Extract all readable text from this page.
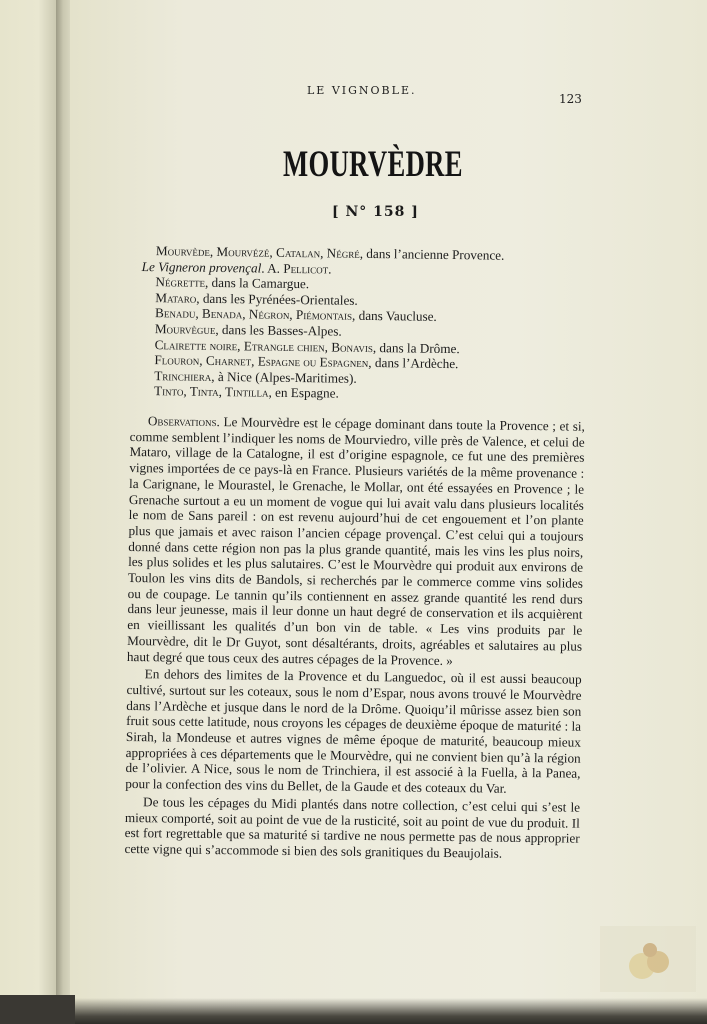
LE VIGNOBLE.
123
MOURVÈDRE
[ N° 158 ]
Mourvède, Mourvézé, Catalan, Négré, dans l’ancienne Provence.
Le Vigneron provençal. A. Pellicot.
Négrette, dans la Camargue.
Mataro, dans les Pyrénées-Orientales.
Benadu, Benada, Négron, Piémontais, dans Vaucluse.
Mourvègue, dans les Basses-Alpes.
Clairette noire, Etrangle chien, Bonavis, dans la Drôme.
Flouron, Charnet, Espagne ou Espagnen, dans l’Ardèche.
Trinchiera, à Nice (Alpes-Maritimes).
Tinto, Tinta, Tintilla, en Espagne.

Observations. Le Mourvèdre est le cépage dominant dans toute la Provence ; et si, comme semblent l’indiquer les noms de Mourviedro, ville près de Valence, et celui de Mataro, village de la Catalogne, il est d’origine espagnole, ce fut une des premières vignes importées de ce pays-là en France. Plusieurs variétés de la même provenance : la Carignane, le Mourastel, le Grenache, le Mollar, ont été essayées en Provence ; le Grenache surtout a eu un moment de vogue qui lui avait valu dans plusieurs localités le nom de Sans pareil : on est revenu aujourd’hui de cet engouement et l’on plante plus que jamais et avec raison l’ancien cépage provençal. C’est celui qui a toujours donné dans cette région non pas la plus grande quantité, mais les vins les plus noirs, les plus solides et les plus salutaires. C’est le Mourvèdre qui produit aux environs de Toulon les vins dits de Bandols, si recherchés par le commerce comme vins solides ou de coupage. Le tannin qu’ils contiennent en assez grande quantité les rend durs dans leur jeunesse, mais il leur donne un haut degré de conservation et ils acquièrent en vieillissant les qualités d’un bon vin de table. « Les vins produits par le Mourvèdre, dit le Dr Guyot, sont désaltérants, droits, agréables et salutaires au plus haut degré que tous ceux des autres cépages de la Provence. »

En dehors des limites de la Provence et du Languedoc, où il est aussi beaucoup cultivé, surtout sur les coteaux, sous le nom d’Espar, nous avons trouvé le Mourvèdre dans l’Ardèche et jusque dans le nord de la Drôme. Quoiqu’il mûrisse assez bien son fruit sous cette latitude, nous croyons les cépages de deuxième époque de maturité : la Sirah, la Mondeuse et autres vignes de même époque de maturité, beaucoup mieux appropriées à ces départements que le Mourvèdre, qui ne convient bien qu’à la région de l’olivier. A Nice, sous le nom de Trinchiera, il est associé à la Fuella, à la Panea, pour la confection des vins du Bellet, de la Gaude et des coteaux du Var.

De tous les cépages du Midi plantés dans notre collection, c’est celui qui s’est le mieux comporté, soit au point de vue de la rusticité, soit au point de vue du produit. Il est fort regrettable que sa maturité si tardive ne nous permette pas de nous approprier cette vigne qui s’accommode si bien des sols granitiques du Beaujolais.
